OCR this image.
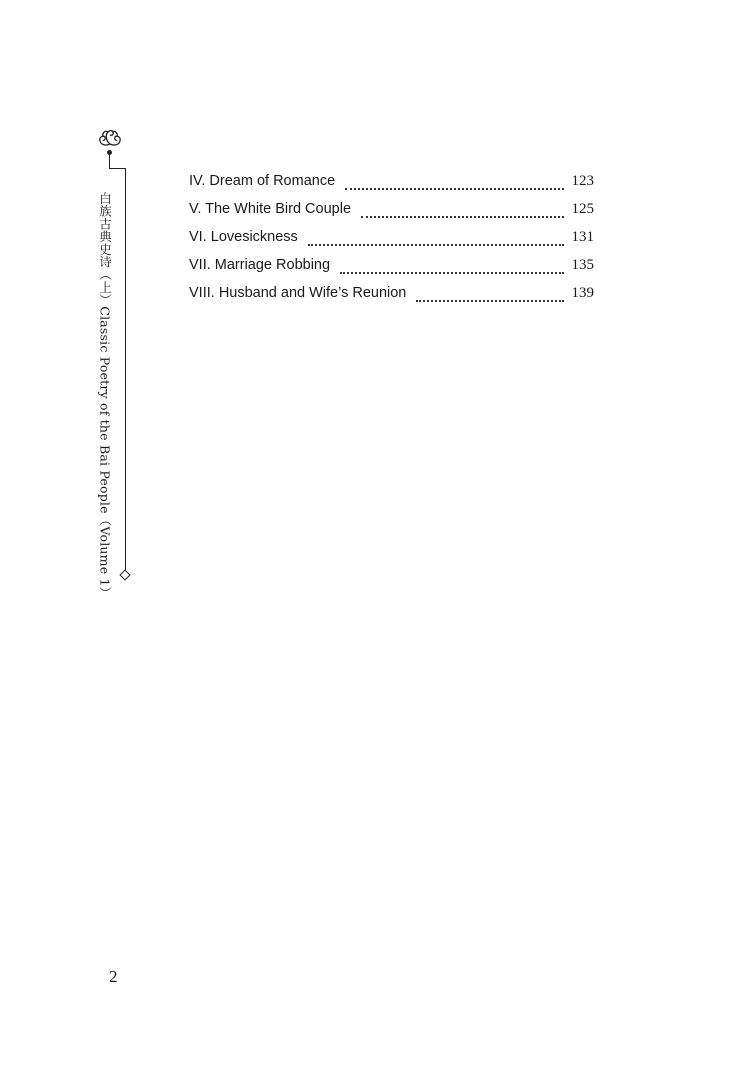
白族古典史诗（上）Classic Poetry of the Bai People（Volume 1）
IV. Dream of Romance	123
V. The White Bird Couple	125
VI. Lovesickness	131
VII. Marriage Robbing	135
VIII. Husband and Wife’s Reunion	139
2
